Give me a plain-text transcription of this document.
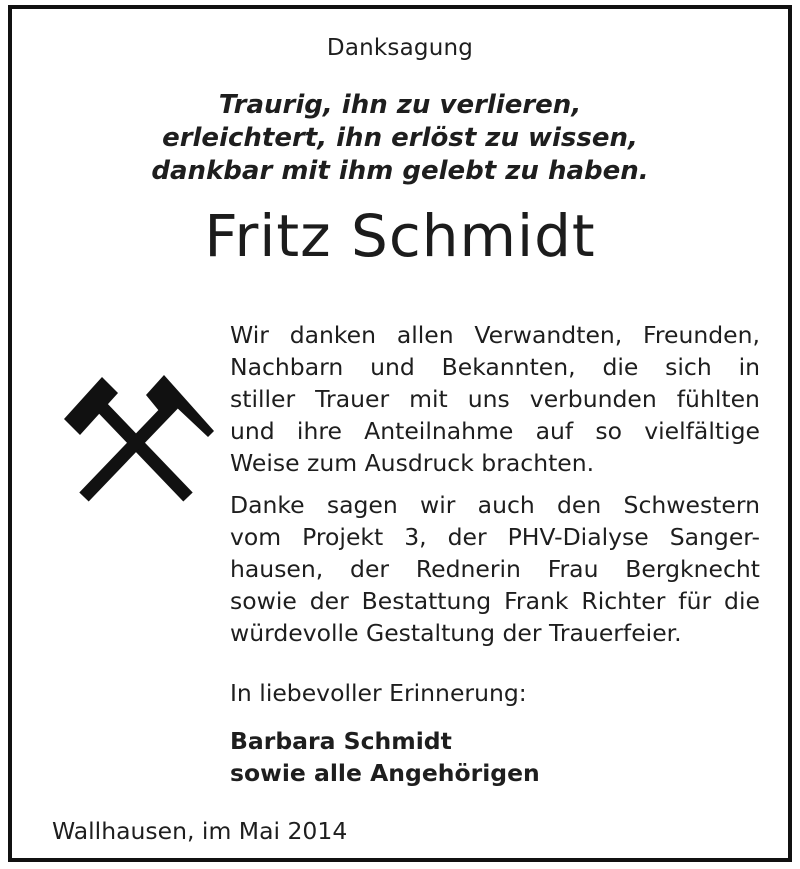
Danksagung
Traurig, ihn zu verlieren,
erleichtert, ihn erlöst zu wissen,
dankbar mit ihm gelebt zu haben.
Fritz Schmidt
Wir danken allen Verwandten, Freunden,
Nachbarn und Bekannten, die sich in
stiller Trauer mit uns verbunden fühlten
und ihre Anteilnahme auf so vielfältige
Weise zum Ausdruck brachten.
Danke sagen wir auch den Schwestern
vom Projekt 3, der PHV-Dialyse Sanger-
hausen, der Rednerin Frau Bergknecht
sowie der Bestattung Frank Richter für die
würdevolle Gestaltung der Trauerfeier.
In liebevoller Erinnerung:
Barbara Schmidt
sowie alle Angehörigen
Wallhausen, im Mai 2014
